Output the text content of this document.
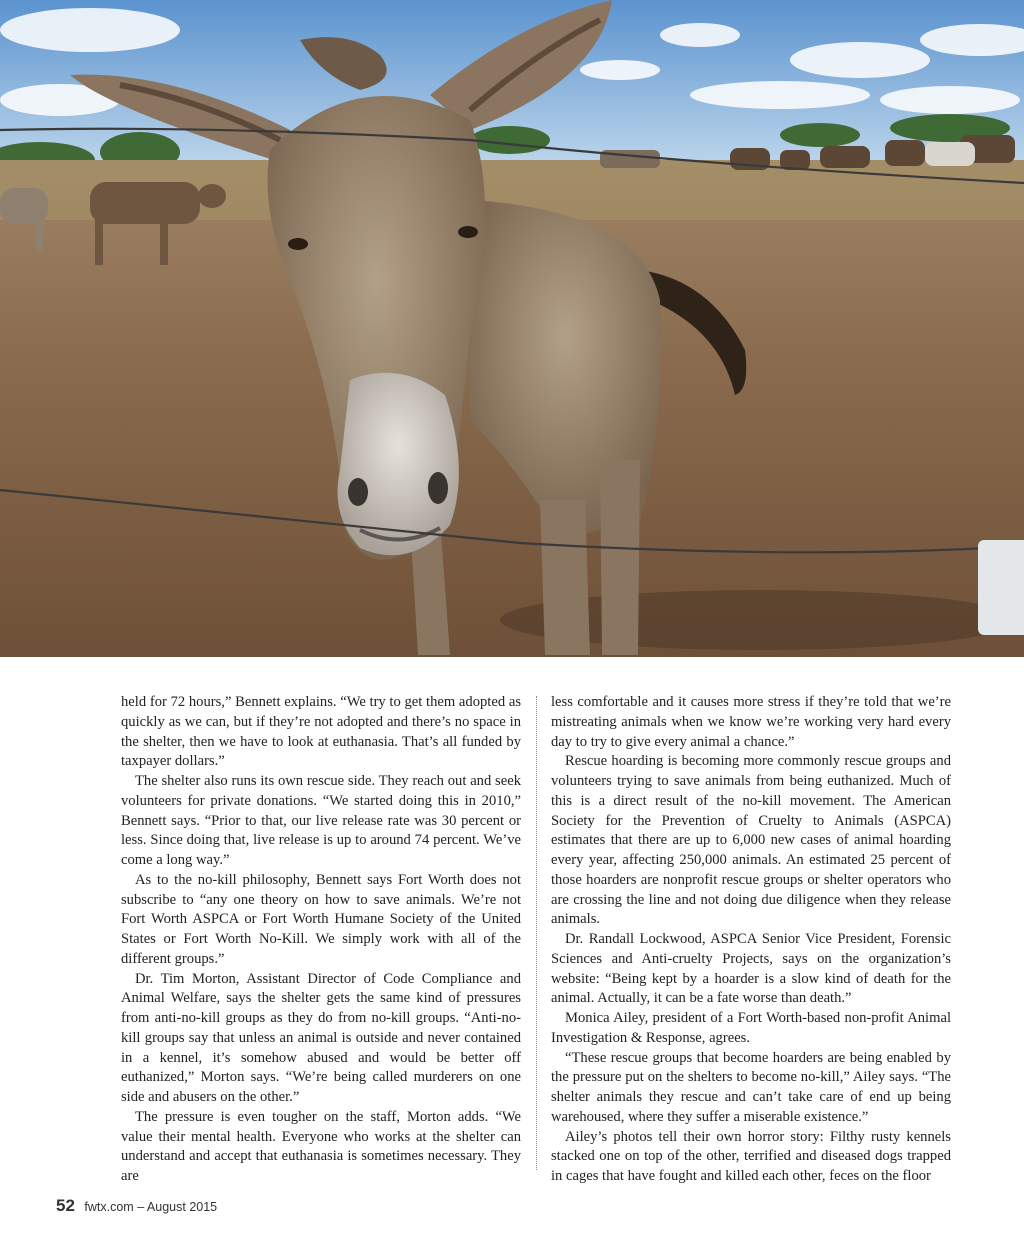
held for 72 hours,” Bennett explains. “We try to get them adopted as quickly as we can, but if they’re not adopted and there’s no space in the shelter, then we have to look at euthanasia. That’s all funded by taxpayer dollars.”

The shelter also runs its own rescue side. They reach out and seek volunteers for private donations. “We started doing this in 2010,” Bennett says. “Prior to that, our live release rate was 30 percent or less. Since doing that, live release is up to around 74 percent. We’ve come a long way.”

As to the no-kill philosophy, Bennett says Fort Worth does not subscribe to “any one theory on how to save animals. We’re not Fort Worth ASPCA or Fort Worth Humane Society of the United States or Fort Worth No-Kill. We simply work with all of the different groups.”

Dr. Tim Morton, Assistant Director of Code Compliance and Animal Welfare, says the shelter gets the same kind of pressures from anti-no-kill groups as they do from no-kill groups. “Anti-no-kill groups say that unless an animal is outside and never contained in a kennel, it’s somehow abused and would be better off euthanized,” Morton says. “We’re being called murderers on one side and abusers on the other.”

The pressure is even tougher on the staff, Morton adds. “We value their mental health. Everyone who works at the shelter can understand and accept that euthanasia is sometimes necessary. They are

less comfortable and it causes more stress if they’re told that we’re mistreating animals when we know we’re working very hard every day to try to give every animal a chance.”

Rescue hoarding is becoming more commonly rescue groups and volunteers trying to save animals from being euthanized. Much of this is a direct result of the no-kill movement. The American Society for the Prevention of Cruelty to Animals (ASPCA) estimates that there are up to 6,000 new cases of animal hoarding every year, affecting 250,000 animals. An estimated 25 percent of those hoarders are nonprofit rescue groups or shelter operators who are crossing the line and not doing due diligence when they release animals.

Dr. Randall Lockwood, ASPCA Senior Vice President, Forensic Sciences and Anti-cruelty Projects, says on the organization’s website: “Being kept by a hoarder is a slow kind of death for the animal. Actually, it can be a fate worse than death.”

Monica Ailey, president of a Fort Worth-based non-profit Animal Investigation & Response, agrees.

“These rescue groups that become hoarders are being enabled by the pressure put on the shelters to become no-kill,” Ailey says. “The shelter animals they rescue and can’t take care of end up being warehoused, where they suffer a miserable existence.”

Ailey’s photos tell their own horror story: Filthy rusty kennels stacked one on top of the other, terrified and diseased dogs trapped in cages that have fought and killed each other, feces on the floor

52 fwtx.com – August 2015
